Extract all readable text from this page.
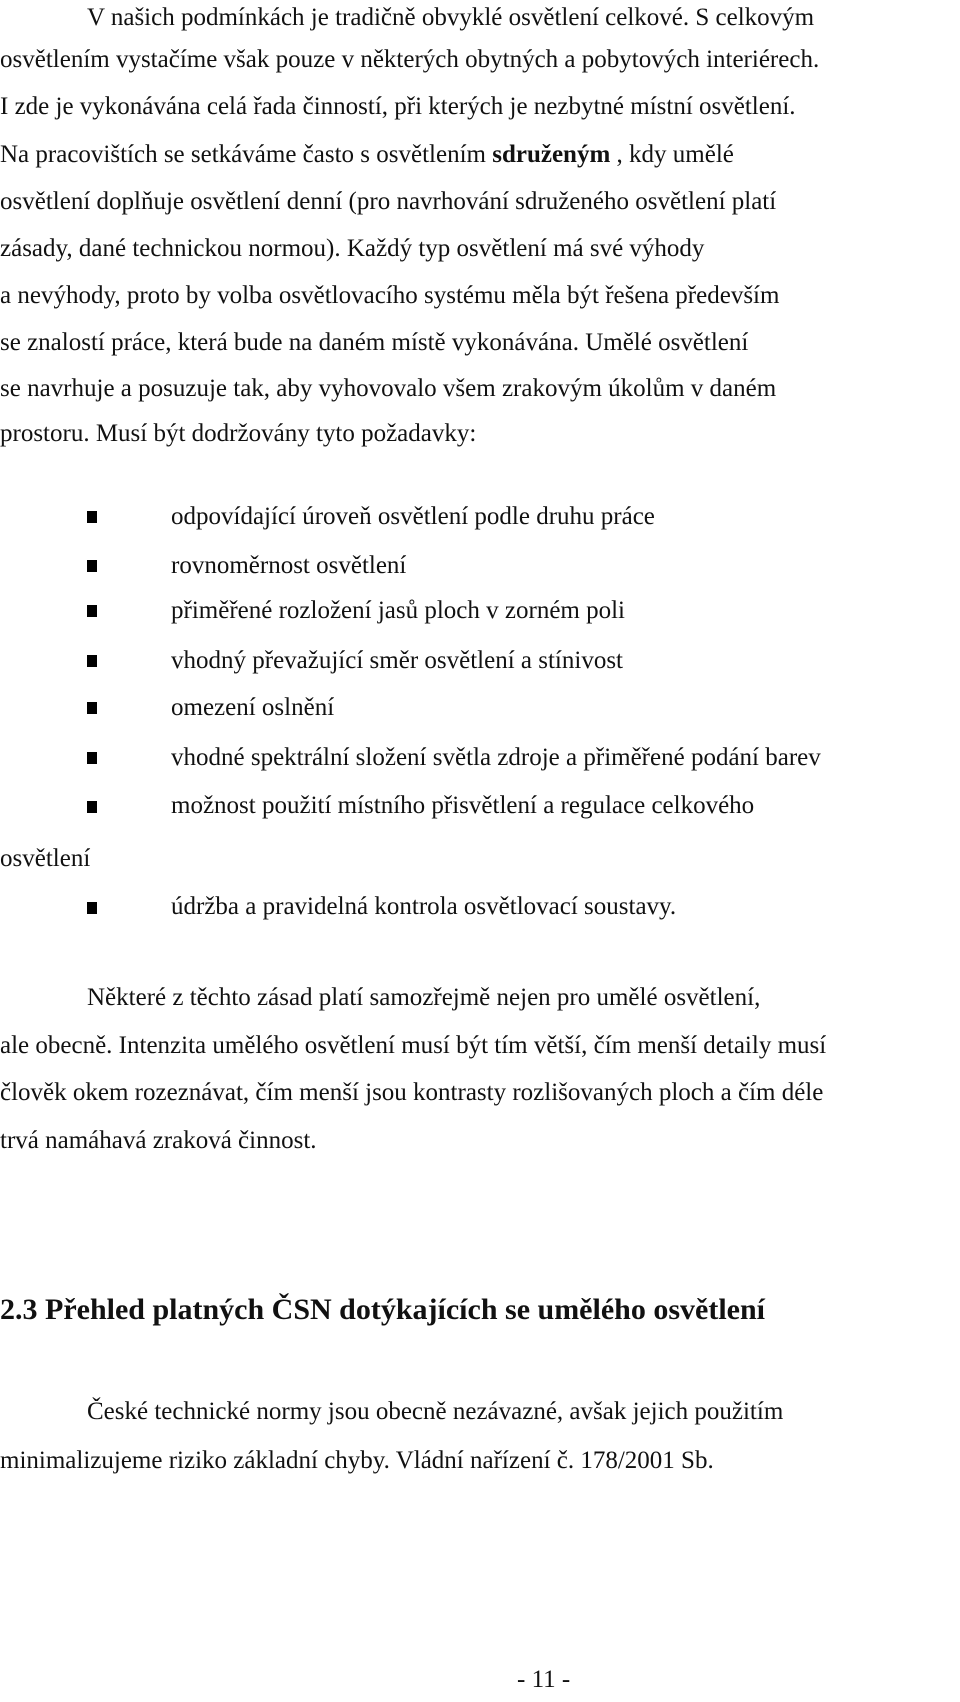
V našich podmínkách je tradičně obvyklé osvětlení celkové. S celkovým
osvětlením vystačíme však pouze v některých obytných a pobytových interiérech.
I zde je vykonávána celá řada činností, při kterých je nezbytné místní osvětlení.
Na pracovištích se setkáváme často s osvětlením sdruženým , kdy umělé
osvětlení doplňuje osvětlení denní (pro navrhování sdruženého osvětlení platí
zásady, dané technickou normou). Každý typ osvětlení má své výhody
a nevýhody, proto by volba osvětlovacího systému měla být řešena především
se znalostí práce, která bude na daném místě vykonávána. Umělé osvětlení
se navrhuje a posuzuje tak, aby vyhovovalo všem zrakovým úkolům v daném
prostoru. Musí být dodržovány tyto požadavky:
odpovídající úroveň osvětlení podle druhu práce
rovnoměrnost osvětlení
přiměřené rozložení jasů ploch v zorném poli
vhodný převažující směr osvětlení a stínivost
omezení oslnění
vhodné spektrální složení světla zdroje a přiměřené podání barev
možnost použití místního přisvětlení a regulace celkového
osvětlení
údržba a pravidelná kontrola osvětlovací soustavy.
Některé z těchto zásad platí samozřejmě nejen pro umělé osvětlení,
ale obecně. Intenzita umělého osvětlení musí být tím větší, čím menší detaily musí
člověk okem rozeznávat, čím menší jsou kontrasty rozlišovaných ploch a čím déle
trvá namáhavá zraková činnost.
2.3 Přehled platných ČSN dotýkajících se umělého osvětlení
České technické normy jsou obecně nezávazné, avšak jejich použitím
minimalizujeme riziko základní chyby. Vládní nařízení č. 178/2001 Sb.
- 11 -
